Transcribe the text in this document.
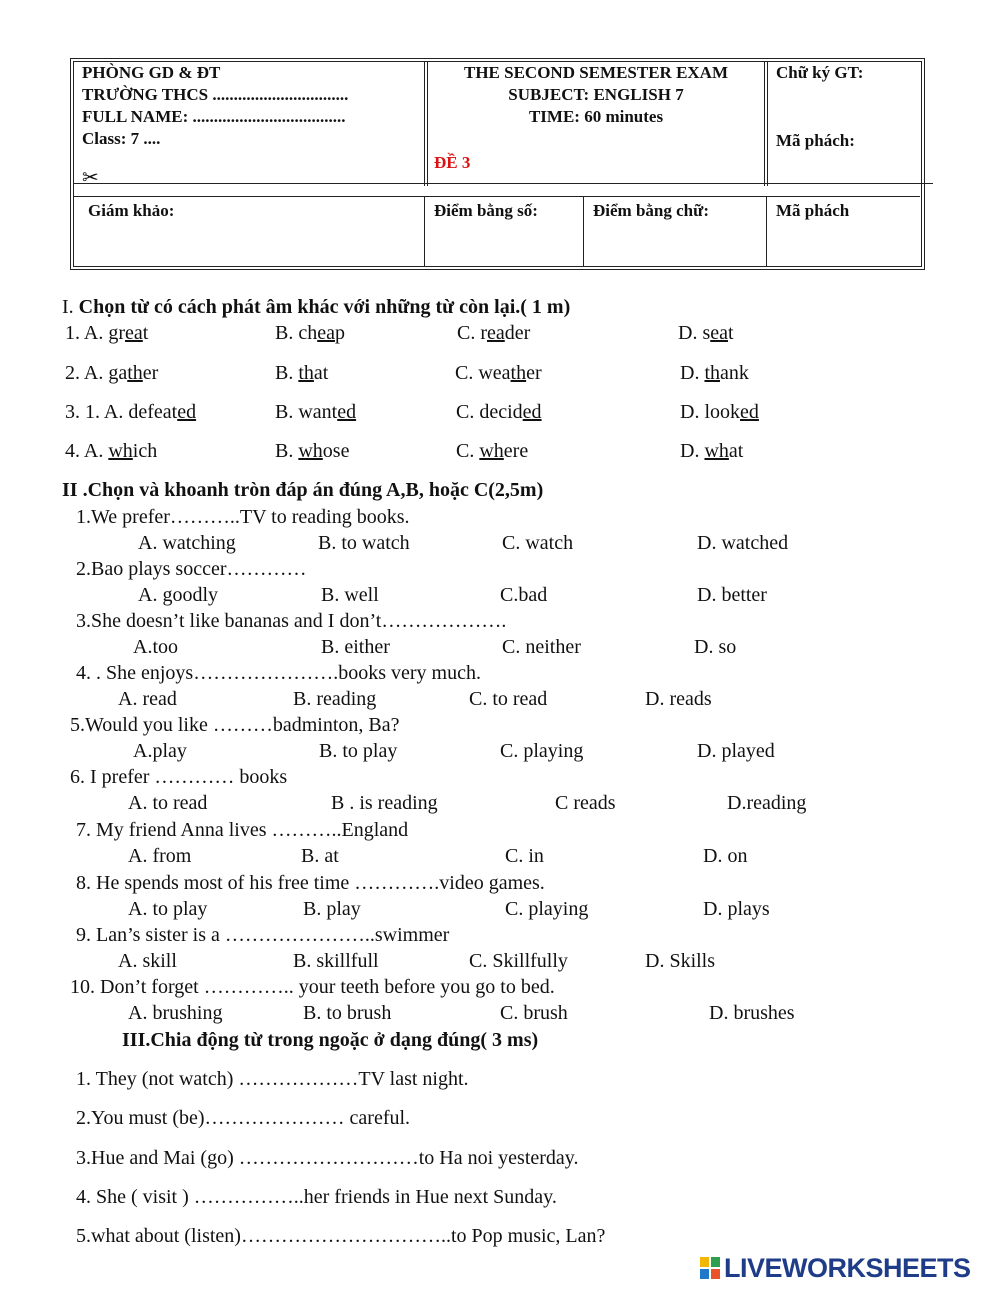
PHÒNG GD & ĐT
TRƯỜNG THCS ................................
FULL NAME: ....................................
Class: 7 ....
✂
THE SECOND SEMESTER EXAM
SUBJECT: ENGLISH 7
TIME: 60 minutes
ĐỀ 3
Chữ ký GT:
Mã phách:
Giám khảo:	Điểm bằng số:	Điểm bằng chữ:	Mã phách
I. Chọn từ có cách phát âm khác với những từ còn lại.( 1 m)
1. A. great	B. cheap	C. reader	D. seat
2. A. gather	B. that	C. weather	D. thank
3. 1. A. defeated	B. wanted	C. decided	D. looked
4. A. which	B. whose	C. where	D. what
II .Chọn và khoanh tròn đáp án đúng A,B, hoặc C(2,5m)
1.We prefer………..TV to reading books.
A. watching	B. to watch	C. watch	D. watched
2.Bao plays soccer…………
A. goodly	B. well	C.bad	D. better
3.She doesn’t like bananas and I don’t……………….
A.too	B. either	C. neither	D. so
4. . She enjoys………………….books very much.
A. read	B. reading	C. to read	D. reads
5.Would you like ………badminton, Ba?
A.play	B. to play	C. playing	D. played
6. I prefer ………… books
A. to read	B . is reading	C reads	D.reading
7. My friend Anna lives ………..England
A. from	B. at	C. in	D. on
8. He spends most of his free time ………….video games.
A. to play	B. play	C. playing	D. plays
9. Lan’s sister is a …………………..swimmer
A. skill	B. skillfull	C. Skillfully	D. Skills
10. Don’t forget ………….. your teeth before you go to bed.
A. brushing	B. to brush	C. brush	D. brushes
III.Chia động từ trong ngoặc ở dạng đúng( 3 ms)
1. They (not watch) ………………TV last night.
2.You must (be)………………… careful.
3.Hue and Mai (go) ………………………to Ha noi yesterday.
4. She ( visit ) ……………..her friends in Hue next Sunday.
5.what about (listen)…………………………..to Pop music, Lan?
LIVEWORKSHEETS
